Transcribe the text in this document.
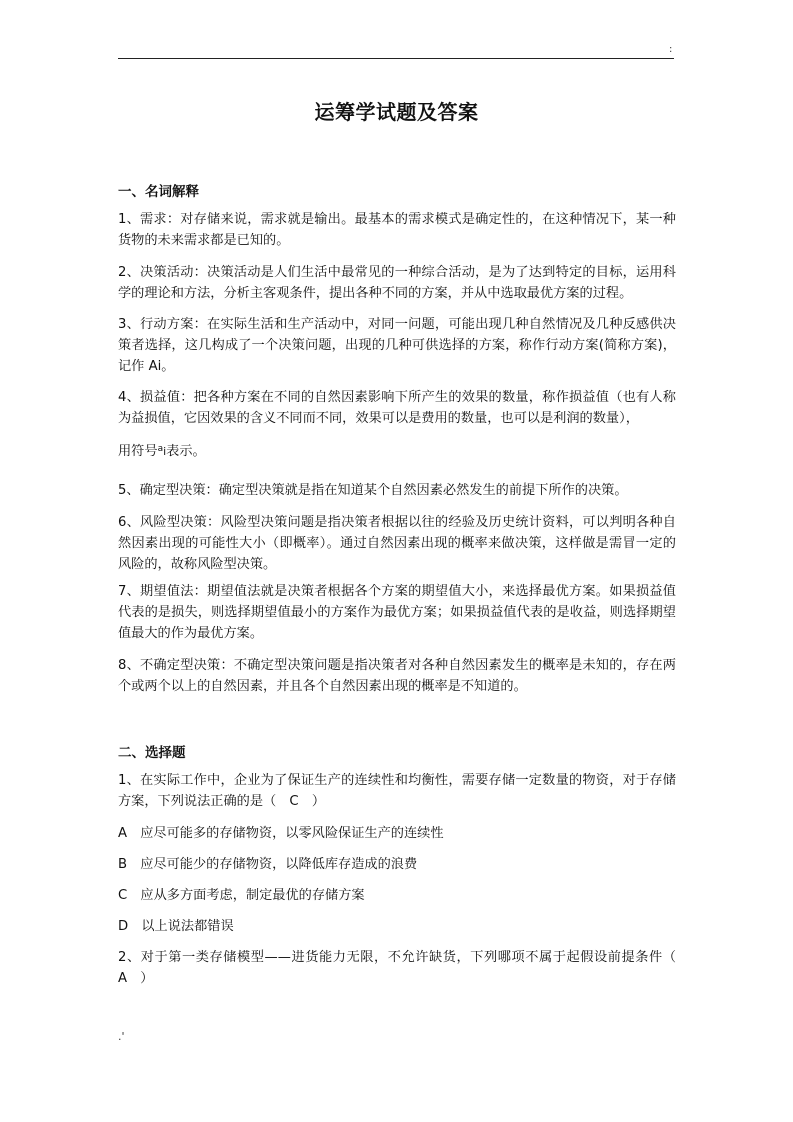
:
运筹学试题及答案
一、名词解释
1、需求：对存储来说，需求就是输出。最基本的需求模式是确定性的，在这种情况下，某一种货物的未来需求都是已知的。
2、决策活动：决策活动是人们生活中最常见的一种综合活动，是为了达到特定的目标，运用科学的理论和方法，分析主客观条件，提出各种不同的方案，并从中选取最优方案的过程。
3、行动方案：在实际生活和生产活动中，对同一问题，可能出现几种自然情况及几种反感供决策者选择，这几构成了一个决策问题，出现的几种可供选择的方案，称作行动方案(简称方案)，记作 Ai。
4、损益值：把各种方案在不同的自然因素影响下所产生的效果的数量，称作损益值（也有人称为益损值，它因效果的含义不同而不同，效果可以是费用的数量，也可以是利润的数量），
用符号$^a$i表示。
5、确定型决策：确定型决策就是指在知道某个自然因素必然发生的前提下所作的决策。
6、风险型决策：风险型决策问题是指决策者根据以往的经验及历史统计资料，可以判明各种自然因素出现的可能性大小（即概率）。通过自然因素出现的概率来做决策，这样做是需冒一定的风险的，故称风险型决策。
7、期望值法：期望值法就是决策者根据各个方案的期望值大小，来选择最优方案。如果损益值代表的是损失，则选择期望值最小的方案作为最优方案；如果损益值代表的是收益，则选择期望值最大的作为最优方案。
8、不确定型决策：不确定型决策问题是指决策者对各种自然因素发生的概率是未知的，存在两个或两个以上的自然因素，并且各个自然因素出现的概率是不知道的。
二、选择题
1、在实际工作中，企业为了保证生产的连续性和均衡性，需要存储一定数量的物资，对于存储方案，下列说法正确的是（　C　）
A　应尽可能多的存储物资，以零风险保证生产的连续性
B　应尽可能少的存储物资，以降低库存造成的浪费
C　应从多方面考虑，制定最优的存储方案
D　以上说法都错误
2、对于第一类存储模型——进货能力无限，不允许缺货，下列哪项不属于起假设前提条件（　A　）
.'
